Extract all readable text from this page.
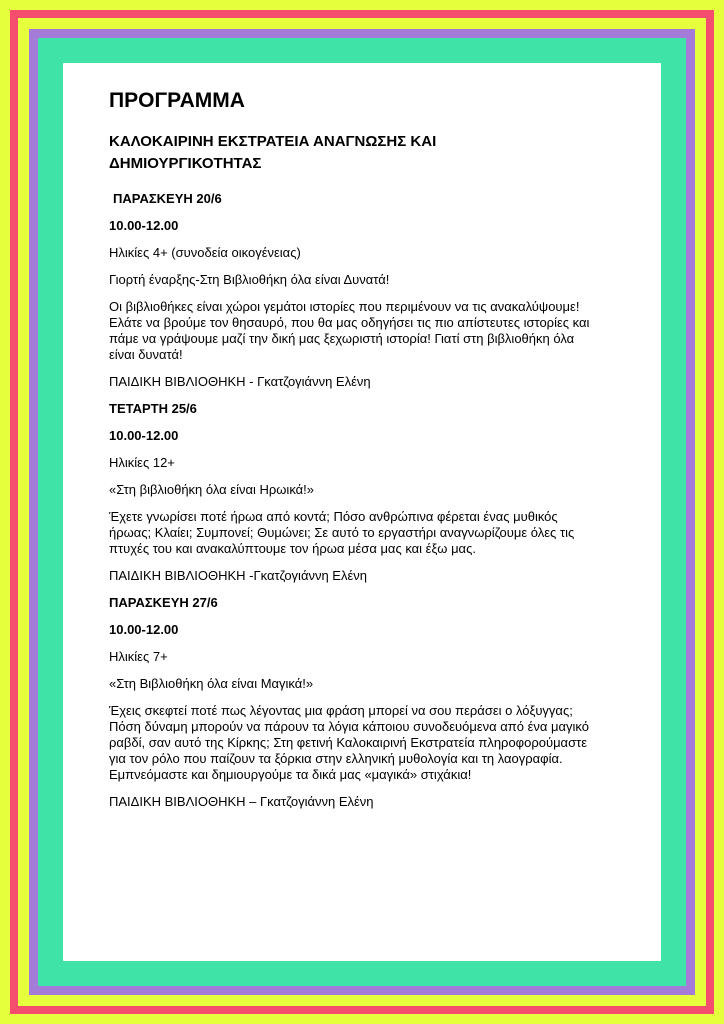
ΠΡΟΓΡΑΜΜΑ
ΚΑΛΟΚΑΙΡΙΝΗ ΕΚΣΤΡΑΤΕΙΑ ΑΝΑΓΝΩΣΗΣ ΚΑΙ ΔΗΜΙΟΥΡΓΙΚΟΤΗΤΑΣ
ΠΑΡΑΣΚΕΥΗ 20/6
10.00-12.00
Ηλικίες 4+ (συνοδεία οικογένειας)
Γιορτή έναρξης-Στη Βιβλιοθήκη όλα είναι Δυνατά!
Οι βιβλιοθήκες είναι χώροι γεμάτοι ιστορίες που περιμένουν να τις ανακαλύψουμε! Ελάτε να βρούμε τον θησαυρό, που θα μας οδηγήσει τις πιο απίστευτες ιστορίες και πάμε να γράψουμε μαζί την δική μας ξεχωριστή ιστορία! Γιατί στη βιβλιοθήκη όλα είναι δυνατά!
ΠΑΙΔΙΚΗ ΒΙΒΛΙΟΘΗΚΗ - Γκατζογιάννη Ελένη
ΤΕΤΑΡΤΗ 25/6
10.00-12.00
Ηλικίες 12+
«Στη βιβλιοθήκη όλα είναι Ηρωικά!»
Έχετε γνωρίσει ποτέ ήρωα από κοντά; Πόσο ανθρώπινα φέρεται ένας μυθικός ήρωας; Κλαίει; Συμπονεί; Θυμώνει; Σε αυτό το εργαστήρι αναγνωρίζουμε όλες τις πτυχές του και ανακαλύπτουμε τον ήρωα μέσα μας και έξω μας.
ΠΑΙΔΙΚΗ ΒΙΒΛΙΟΘΗΚΗ -Γκατζογιάννη Ελένη
ΠΑΡΑΣΚΕΥΗ 27/6
10.00-12.00
Ηλικίες 7+
«Στη Βιβλιοθήκη όλα είναι Μαγικά!»
Έχεις σκεφτεί ποτέ πως λέγοντας μια φράση μπορεί να σου περάσει ο λόξυγγας; Πόση δύναμη μπορούν να πάρουν τα λόγια κάποιου συνοδευόμενα από ένα μαγικό ραβδί, σαν αυτό της Κίρκης; Στη φετινή Καλοκαιρινή Εκστρατεία πληροφορούμαστε για τον ρόλο που παίζουν τα ξόρκια στην ελληνική μυθολογία και τη λαογραφία. Εμπνεόμαστε και δημιουργούμε τα δικά μας «μαγικά» στιχάκια!
ΠΑΙΔΙΚΗ ΒΙΒΛΙΟΘΗΚΗ – Γκατζογιάννη Ελένη
